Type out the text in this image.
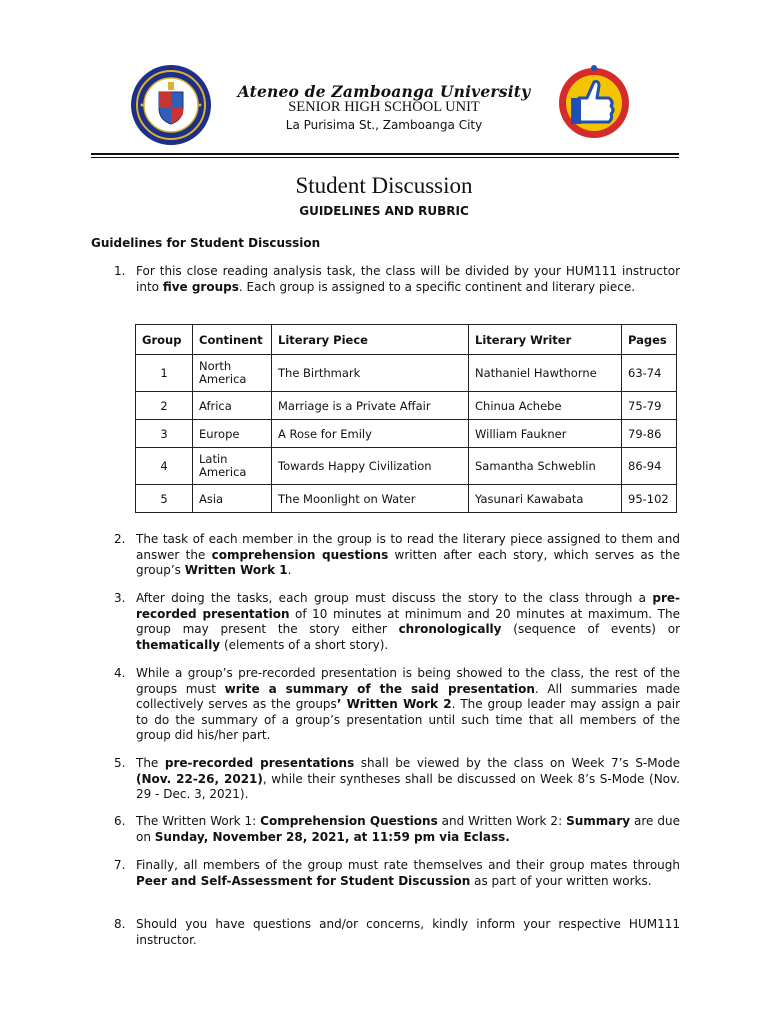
Ateneo de Zamboanga University
SENIOR HIGH SCHOOL UNIT
La Purisima St., Zamboanga City
Student Discussion
GUIDELINES AND RUBRIC
Guidelines for Student Discussion
1. For this close reading analysis task, the class will be divided by your HUM111 instructor into five groups. Each group is assigned to a specific continent and literary piece.
Group	Continent	Literary Piece	Literary Writer	Pages
1	North America	The Birthmark	Nathaniel Hawthorne	63-74
2	Africa	Marriage is a Private Affair	Chinua Achebe	75-79
3	Europe	A Rose for Emily	William Faukner	79-86
4	Latin America	Towards Happy Civilization	Samantha Schweblin	86-94
5	Asia	The Moonlight on Water	Yasunari Kawabata	95-102
2. The task of each member in the group is to read the literary piece assigned to them and answer the comprehension questions written after each story, which serves as the group’s Written Work 1.
3. After doing the tasks, each group must discuss the story to the class through a pre-recorded presentation of 10 minutes at minimum and 20 minutes at maximum. The group may present the story either chronologically (sequence of events) or thematically (elements of a short story).
4. While a group’s pre-recorded presentation is being showed to the class, the rest of the groups must write a summary of the said presentation. All summaries made collectively serves as the groups’ Written Work 2. The group leader may assign a pair to do the summary of a group’s presentation until such time that all members of the group did his/her part.
5. The pre-recorded presentations shall be viewed by the class on Week 7’s S-Mode (Nov. 22-26, 2021), while their syntheses shall be discussed on Week 8’s S-Mode (Nov. 29 - Dec. 3, 2021).
6. The Written Work 1: Comprehension Questions and Written Work 2: Summary are due on Sunday, November 28, 2021, at 11:59 pm via Eclass.
7. Finally, all members of the group must rate themselves and their group mates through Peer and Self-Assessment for Student Discussion as part of your written works.
8. Should you have questions and/or concerns, kindly inform your respective HUM111 instructor.
